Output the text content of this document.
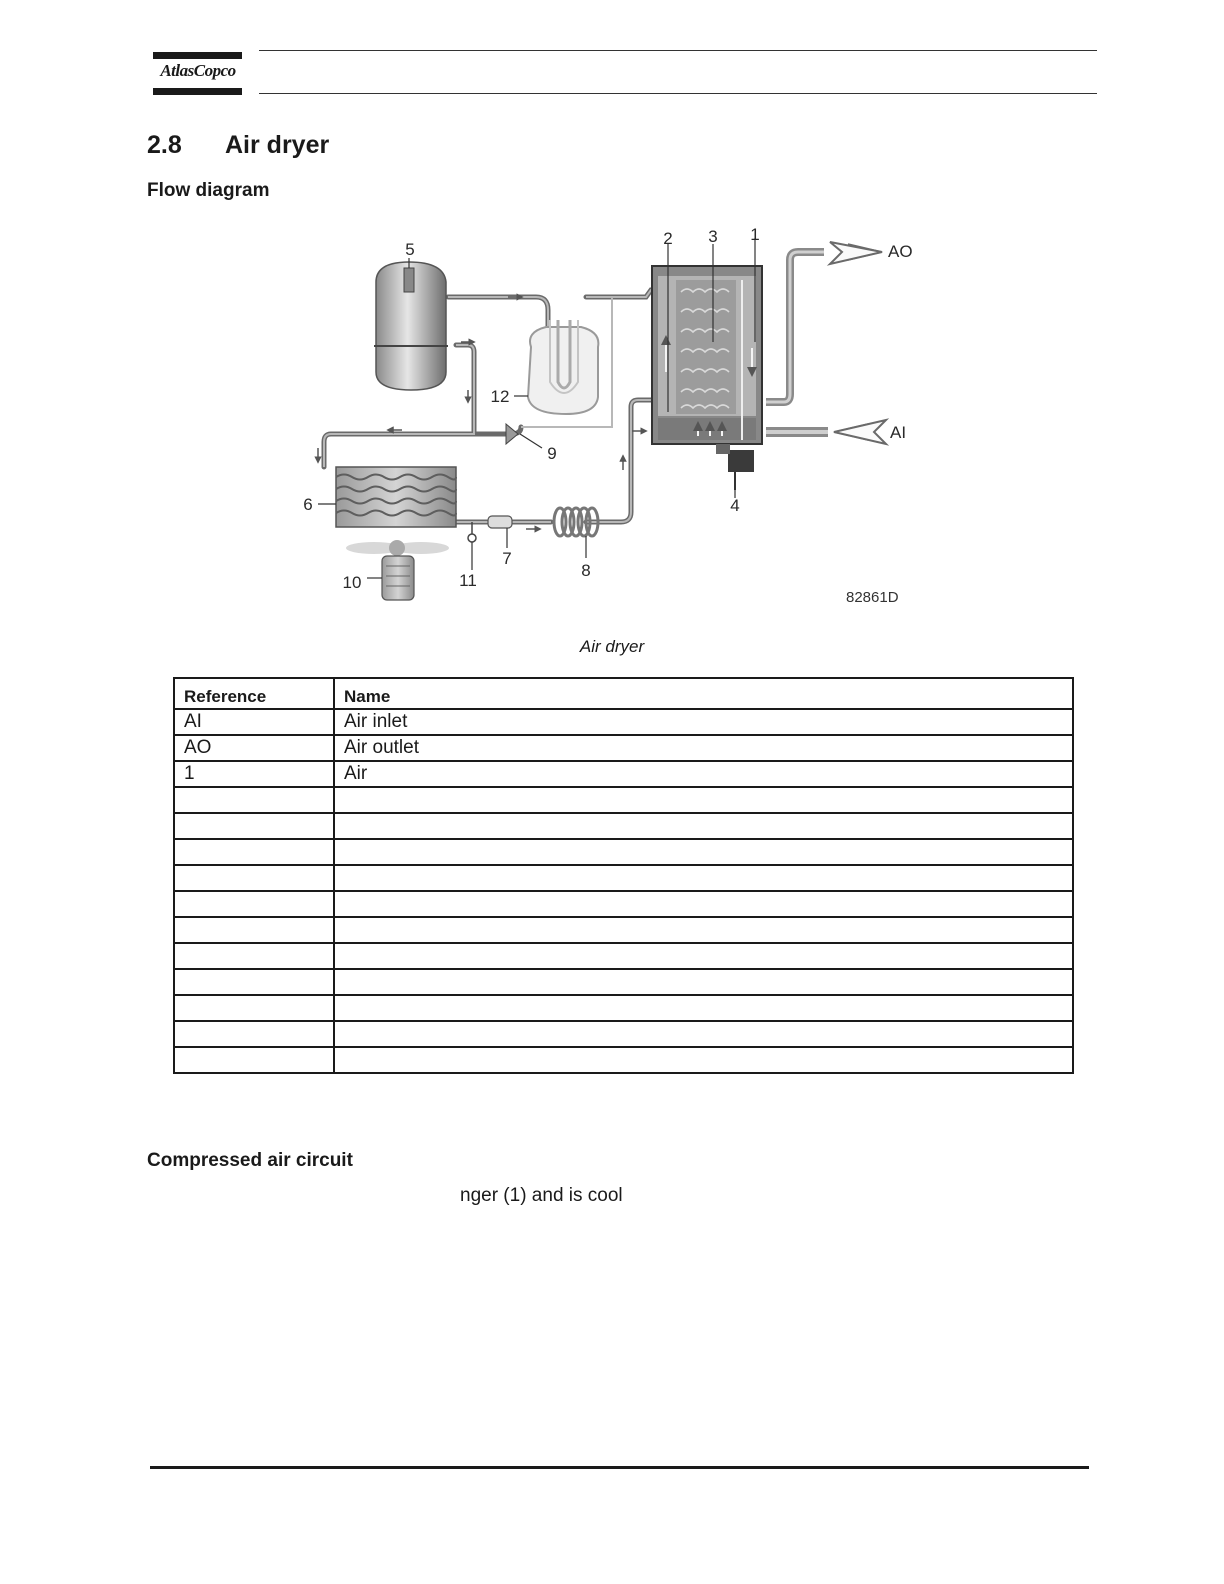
AtlasCopco
2.8 Air dryer
Flow diagram
1
2 3
4
5
6
7
8
9
10	11
12
AO
AI
82861D
Air dryer
Reference	Name
AI	Air inlet
AO	Air outlet
1	Air

Compressed air circuit
nger (1) and is cool
